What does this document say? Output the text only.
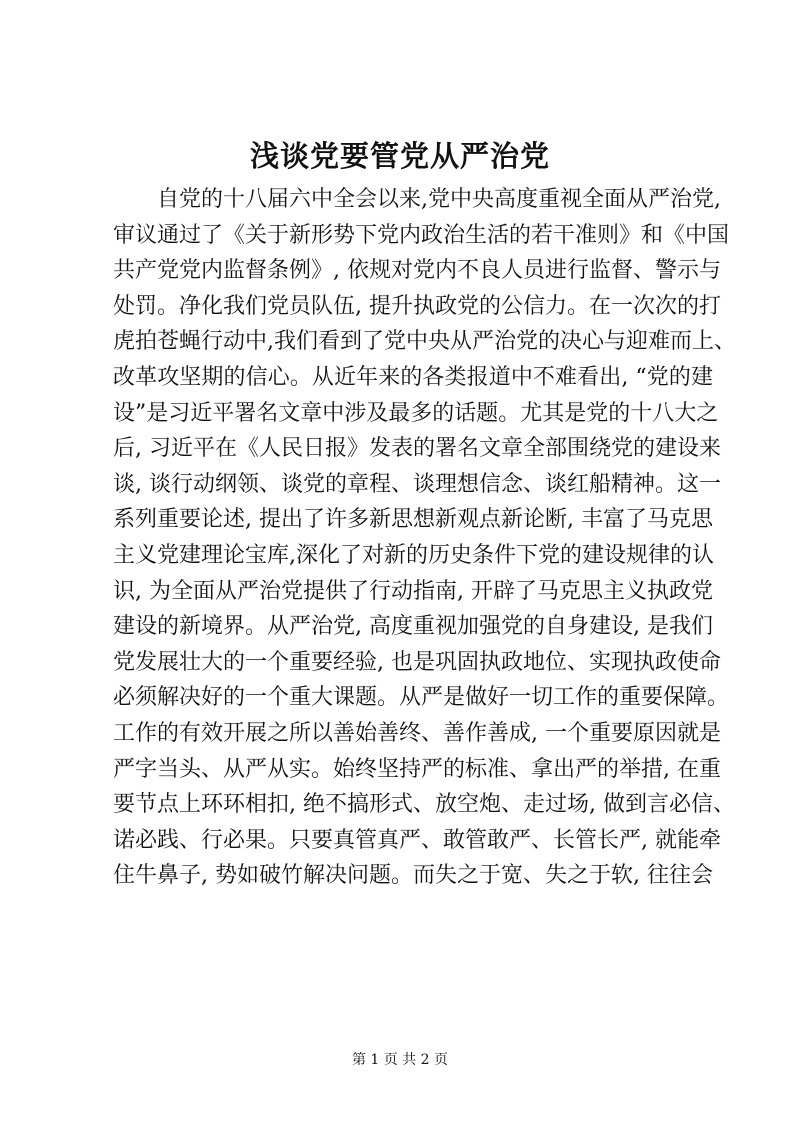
浅谈党要管党从严治党
自党的十八届六中全会以来,党中央高度重视全面从严治党,
审议通过了《关于新形势下党内政治生活的若干准则》和《中国
共产党党内监督条例》, 依规对党内不良人员进行监督、警示与
处罚。净化我们党员队伍, 提升执政党的公信力。在一次次的打
虎拍苍蝇行动中,我们看到了党中央从严治党的决心与迎难而上、
改革攻坚期的信心。从近年来的各类报道中不难看出, “党的建
设”是习近平署名文章中涉及最多的话题。尤其是党的十八大之
后, 习近平在《人民日报》发表的署名文章全部围绕党的建设来
谈, 谈行动纲领、谈党的章程、谈理想信念、谈红船精神。这一
系列重要论述, 提出了许多新思想新观点新论断, 丰富了马克思
主义党建理论宝库,深化了对新的历史条件下党的建设规律的认
识, 为全面从严治党提供了行动指南, 开辟了马克思主义执政党
建设的新境界。从严治党, 高度重视加强党的自身建设, 是我们
党发展壮大的一个重要经验, 也是巩固执政地位、实现执政使命
必须解决好的一个重大课题。从严是做好一切工作的重要保障。
工作的有效开展之所以善始善终、善作善成, 一个重要原因就是
严字当头、从严从实。始终坚持严的标准、拿出严的举措, 在重
要节点上环环相扣, 绝不搞形式、放空炮、走过场, 做到言必信、
诺必践、行必果。只要真管真严、敢管敢严、长管长严, 就能牵
住牛鼻子, 势如破竹解决问题。而失之于宽、失之于软, 往往会
第 1 页 共 2 页
